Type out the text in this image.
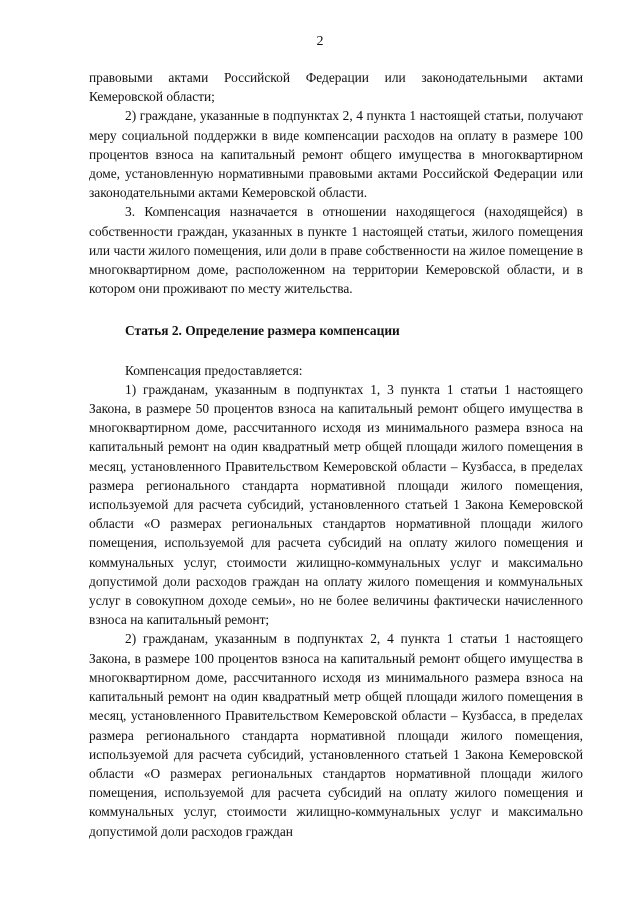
2

правовыми актами Российской Федерации или законодательными актами Кемеровской области;

2) гражданe, указанные в подпунктах 2, 4 пункта 1 настоящей статьи, получают меру социальной поддержки в виде компенсации расходов на оплату в размере 100 процентов взноса на капитальный ремонт общего имущества в многоквартирном доме, установленную нормативными правовыми актами Российской Федерации или законодательными актами Кемеровской области.

3. Компенсация назначается в отношении находящегося (находящейся) в собственности граждан, указанных в пункте 1 настоящей статьи, жилого помещения или части жилого помещения, или доли в праве собственности на жилое помещение в многоквартирном доме, расположенном на территории Кемеровской области, и в котором они проживают по месту жительства.

Статья 2. Определение размера компенсации

Компенсация предоставляется:

1) гражданам, указанным в подпунктах 1, 3 пункта 1 статьи 1 настоящего Закона, в размере 50 процентов взноса на капитальный ремонт общего имущества в многоквартирном доме, рассчитанного исходя из минимального размера взноса на капитальный ремонт на один квадратный метр общей площади жилого помещения в месяц, установленного Правительством Кемеровской области – Кузбасса, в пределах размера регионального стандарта нормативной площади жилого помещения, используемой для расчета субсидий, установленного статьей 1 Закона Кемеровской области «О размерах региональных стандартов нормативной площади жилого помещения, используемой для расчета субсидий на оплату жилого помещения и коммунальных услуг, стоимости жилищно-коммунальных услуг и максимально допустимой доли расходов граждан на оплату жилого помещения и коммунальных услуг в совокупном доходе семьи», но не более величины фактически начисленного взноса на капитальный ремонт;

2) гражданам, указанным в подпунктах 2, 4 пункта 1 статьи 1 настоящего Закона, в размере 100 процентов взноса на капитальный ремонт общего имущества в многоквартирном доме, рассчитанного исходя из минимального размера взноса на капитальный ремонт на один квадратный метр общей площади жилого помещения в месяц, установленного Правительством Кемеровской области – Кузбасса, в пределах размера регионального стандарта нормативной площади жилого помещения, используемой для расчета субсидий, установленного статьей 1 Закона Кемеровской области «О размерах региональных стандартов нормативной площади жилого помещения, используемой для расчета субсидий на оплату жилого помещения и коммунальных услуг, стоимости жилищно-коммунальных услуг и максимально допустимой доли расходов граждан
